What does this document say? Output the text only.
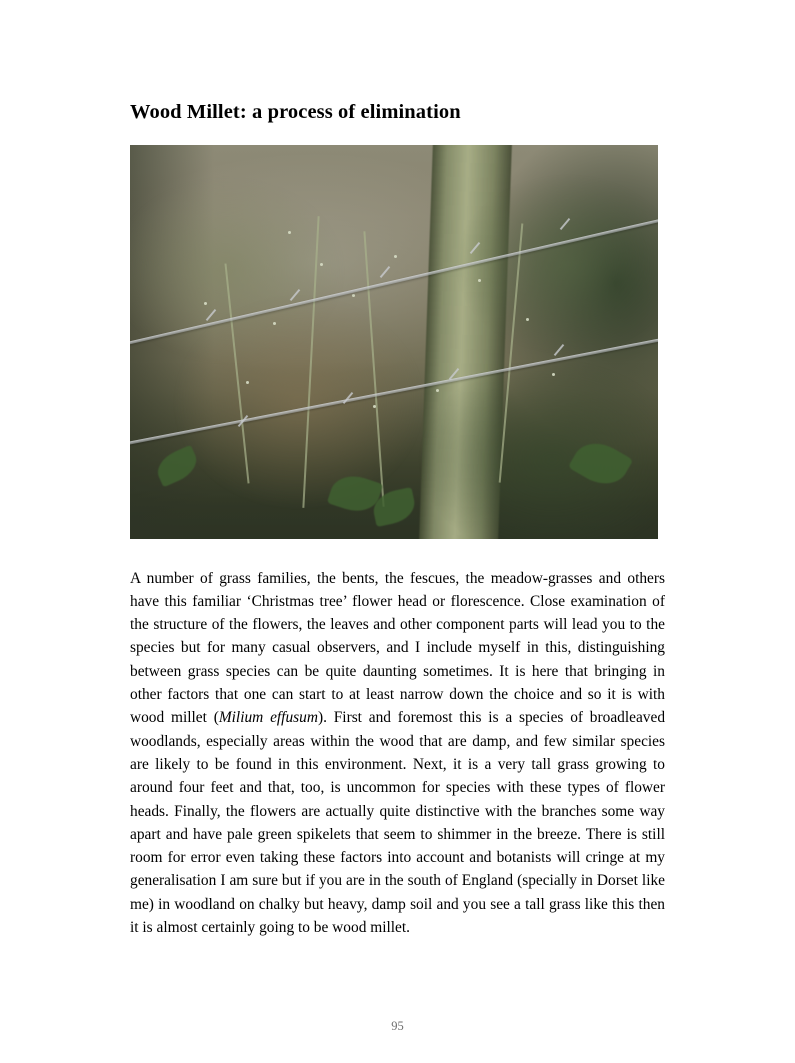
Wood Millet: a process of elimination

A number of grass families, the bents, the fescues, the meadow-grasses and others have this familiar ‘Christmas tree’ flower head or florescence. Close examination of the structure of the flowers, the leaves and other component parts will lead you to the species but for many casual observers, and I include myself in this, distinguishing between grass species can be quite daunting sometimes. It is here that bringing in other factors that one can start to at least narrow down the choice and so it is with wood millet (Milium effusum). First and foremost this is a species of broadleaved woodlands, especially areas within the wood that are damp, and few similar species are likely to be found in this environment. Next, it is a very tall grass growing to around four feet and that, too, is uncommon for species with these types of flower heads. Finally, the flowers are actually quite distinctive with the branches some way apart and have pale green spikelets that seem to shimmer in the breeze. There is still room for error even taking these factors into account and botanists will cringe at my generalisation I am sure but if you are in the south of England (specially in Dorset like me) in woodland on chalky but heavy, damp soil and you see a tall grass like this then it is almost certainly going to be wood millet.

95
